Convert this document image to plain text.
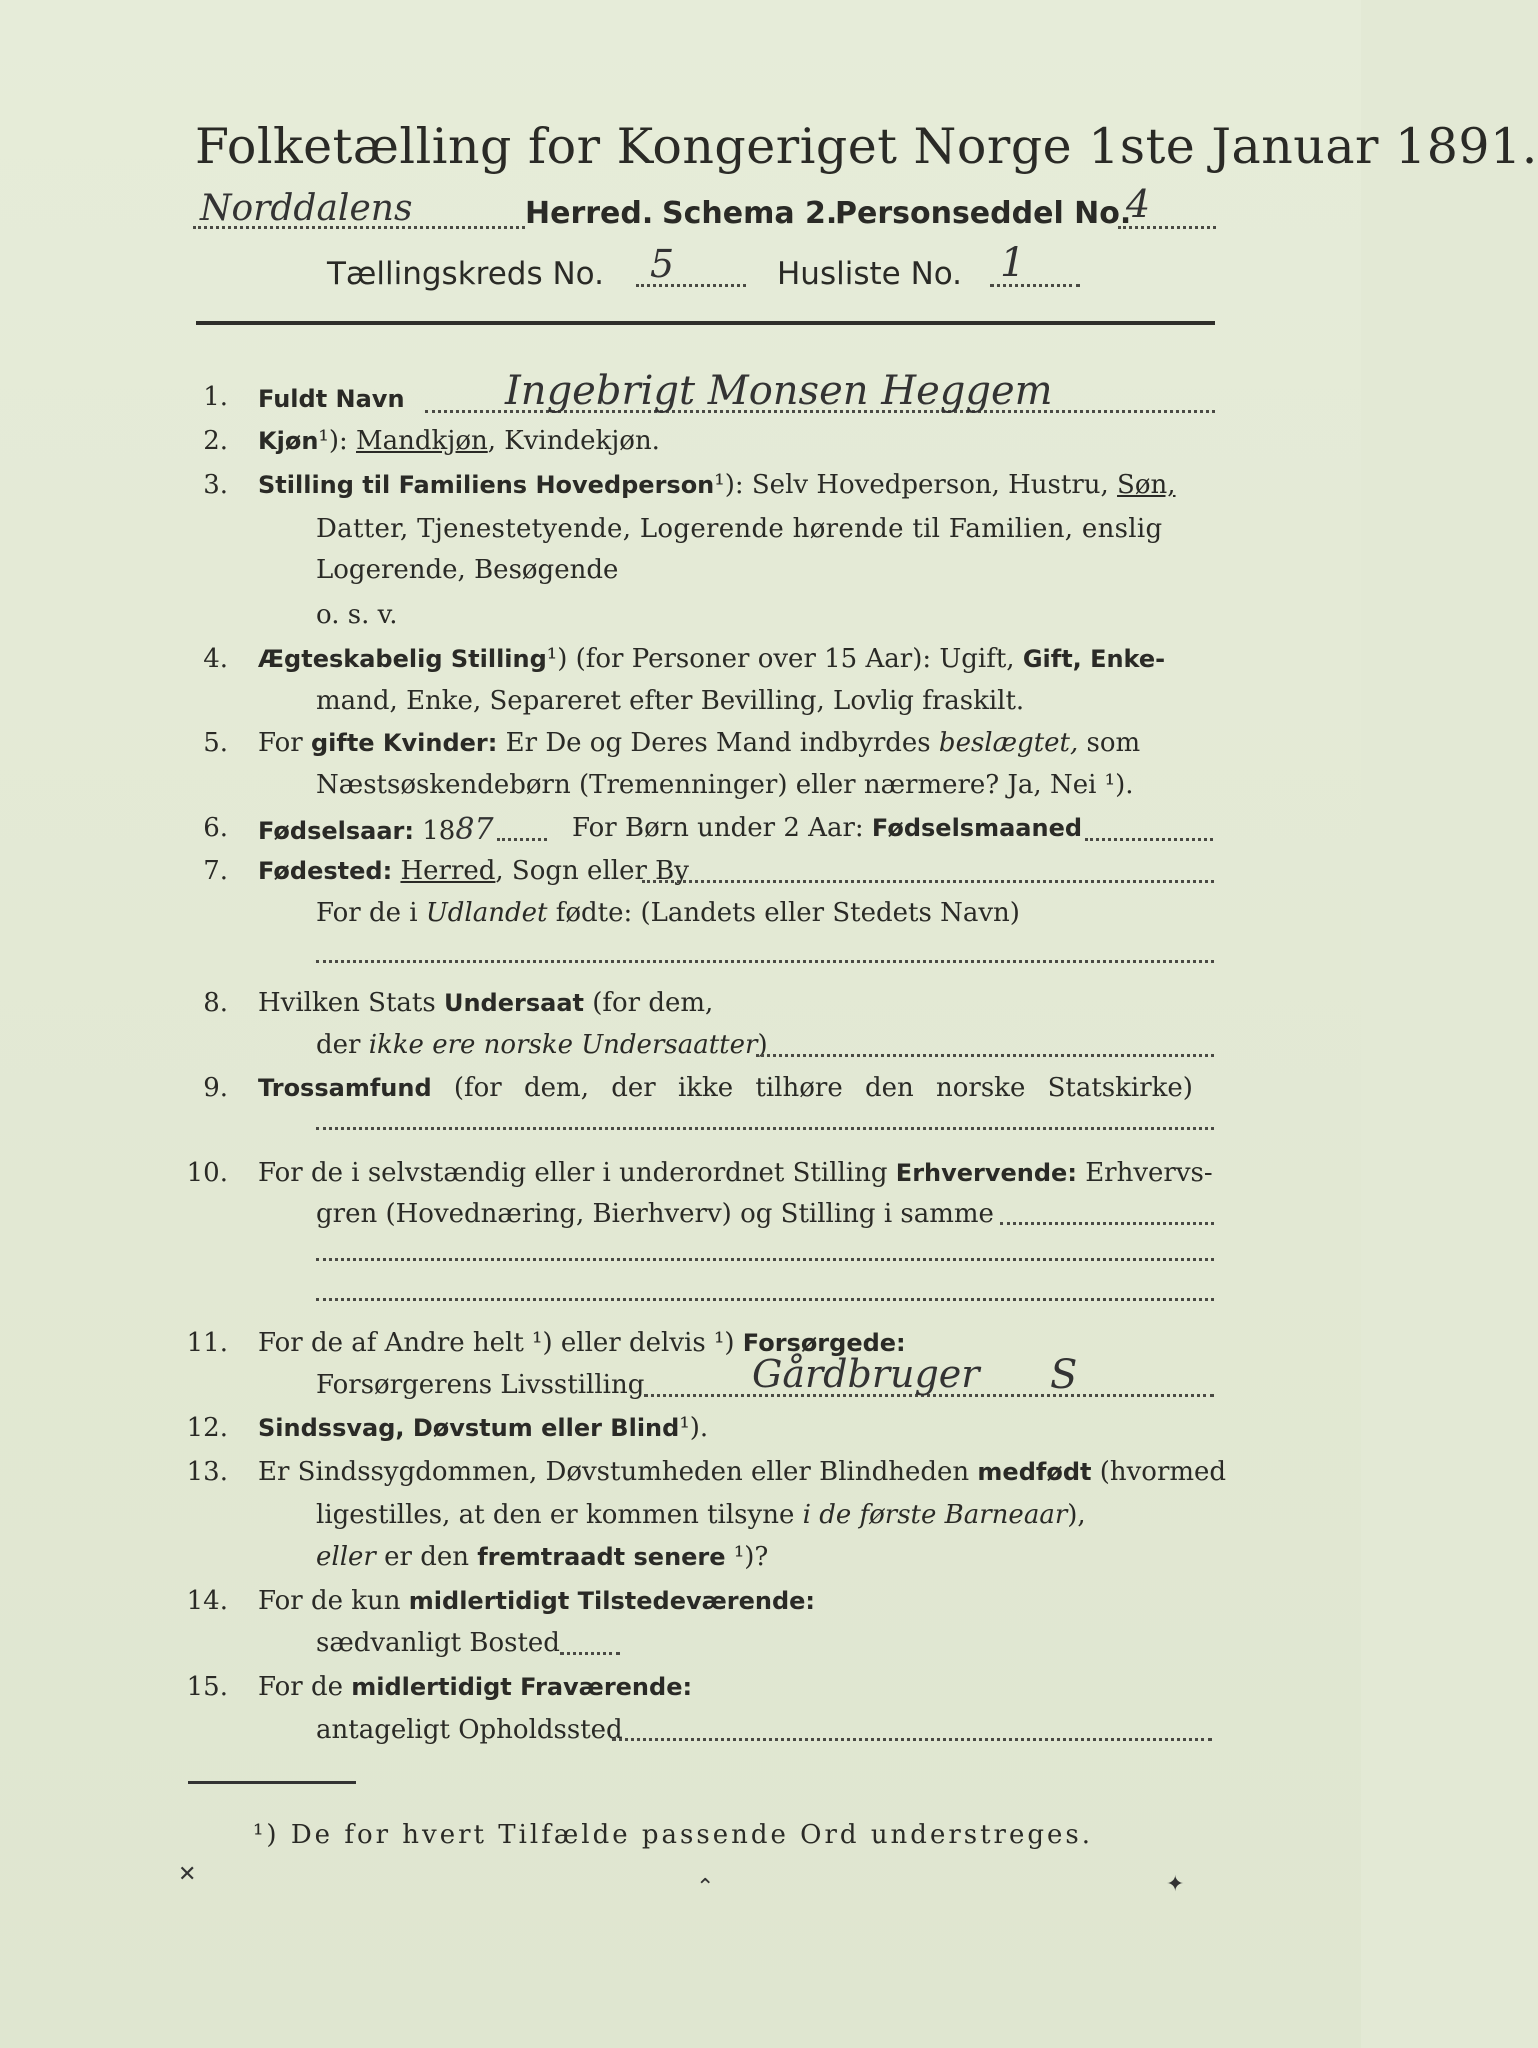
Folketælling for Kongeriget Norge 1ste Januar 1891.
Norddalens	Herred. Schema 2.
Personseddel No.
4
Tællingskreds No. 5	Husliste No. 1
1. Fuldt Navn	Ingebrigt Monsen Heggem
2. Kjøn¹): Mandkjøn, Kvindekjøn.
3. Stilling til Familiens Hovedperson¹): Selv Hovedperson, Hustru, Søn,
Datter, Tjenestetyende, Logerende hørende til Familien, enslig
Logerende, Besøgende
o. s. v.
4. Ægteskabelig Stilling¹) (for Personer over 15 Aar): Ugift, Gift, Enke-
mand, Enke, Separeret efter Bevilling, Lovlig fraskilt.
5. For gifte Kvinder: Er De og Deres Mand indbyrdes beslægtet, som
Næstsøskendebørn (Tremenninger) eller nærmere? Ja, Nei ¹).
6. Fødselsaar: 1887	For Børn under 2 Aar: Fødselsmaaned
7. Fødested: Herred, Sogn eller By
For de i Udlandet fødte: (Landets eller Stedets Navn)
8. Hvilken Stats Undersaat (for dem,
der ikke ere norske Undersaatter)
9. Trossamfund (for dem, der ikke tilhøre den norske Statskirke)
10. For de i selvstændig eller i underordnet Stilling Erhvervende: Erhvervs-
gren (Hovednæring, Bierhverv) og Stilling i samme
11. For de af Andre helt ¹) eller delvis ¹) Forsørgede:
Forsørgerens Livsstilling	Gårdbruger S
12. Sindssvag, Døvstum eller Blind¹).
13. Er Sindssygdommen, Døvstumheden eller Blindheden medfødt (hvormed
ligestilles, at den er kommen tilsyne i de første Barneaar),
eller er den fremtraadt senere ¹)?
14. For de kun midlertidigt Tilstedeværende:
sædvanligt Bosted
15. For de midlertidigt Fraværende:
antageligt Opholdssted
¹) De for hvert Tilfælde passende Ord understreges.
✕
⌃	✦
